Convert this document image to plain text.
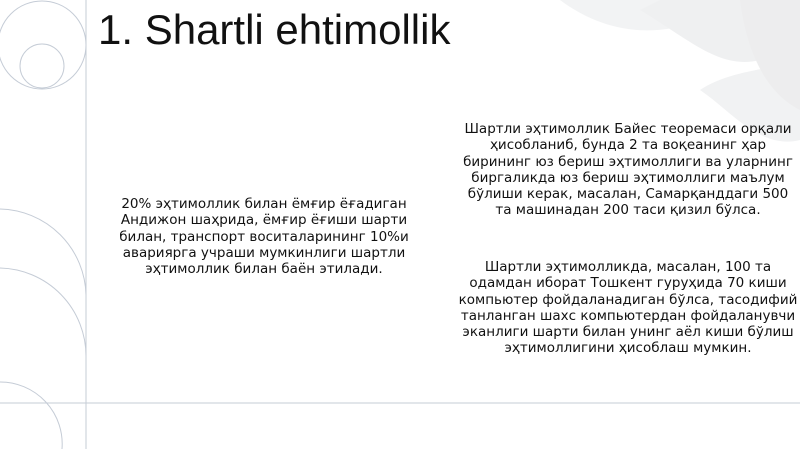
1. Shartli ehtimollik

20% эҳтимоллик билан ёмғир ёғадиган Андижон шаҳрида, ёмғир ёғиши шарти билан, транспорт воситаларининг 10%и авариярга учраши мумкинлиги шартли эҳтимоллик билан баён этилади.

Шартли эҳтимоллик Байес теоремаси орқали ҳисобланиб, бунда 2 та воқеанинг ҳар бирининг юз бериш эҳтимоллиги ва уларнинг биргаликда юз бериш эҳтимоллиги маълум бўлиши керак, масалан, Самарқанддаги 500 та машинадан 200 таси қизил бўлса.

Шартли эҳтимолликда, масалан, 100 та одамдан иборат Тошкент гуруҳида 70 киши компьютер фойдаланадиган бўлса, тасодифий танланган шахс компьютердан фойдаланувчи эканлиги шарти билан унинг аёл киши бўлиш эҳтимоллигини ҳисоблаш мумкин.
